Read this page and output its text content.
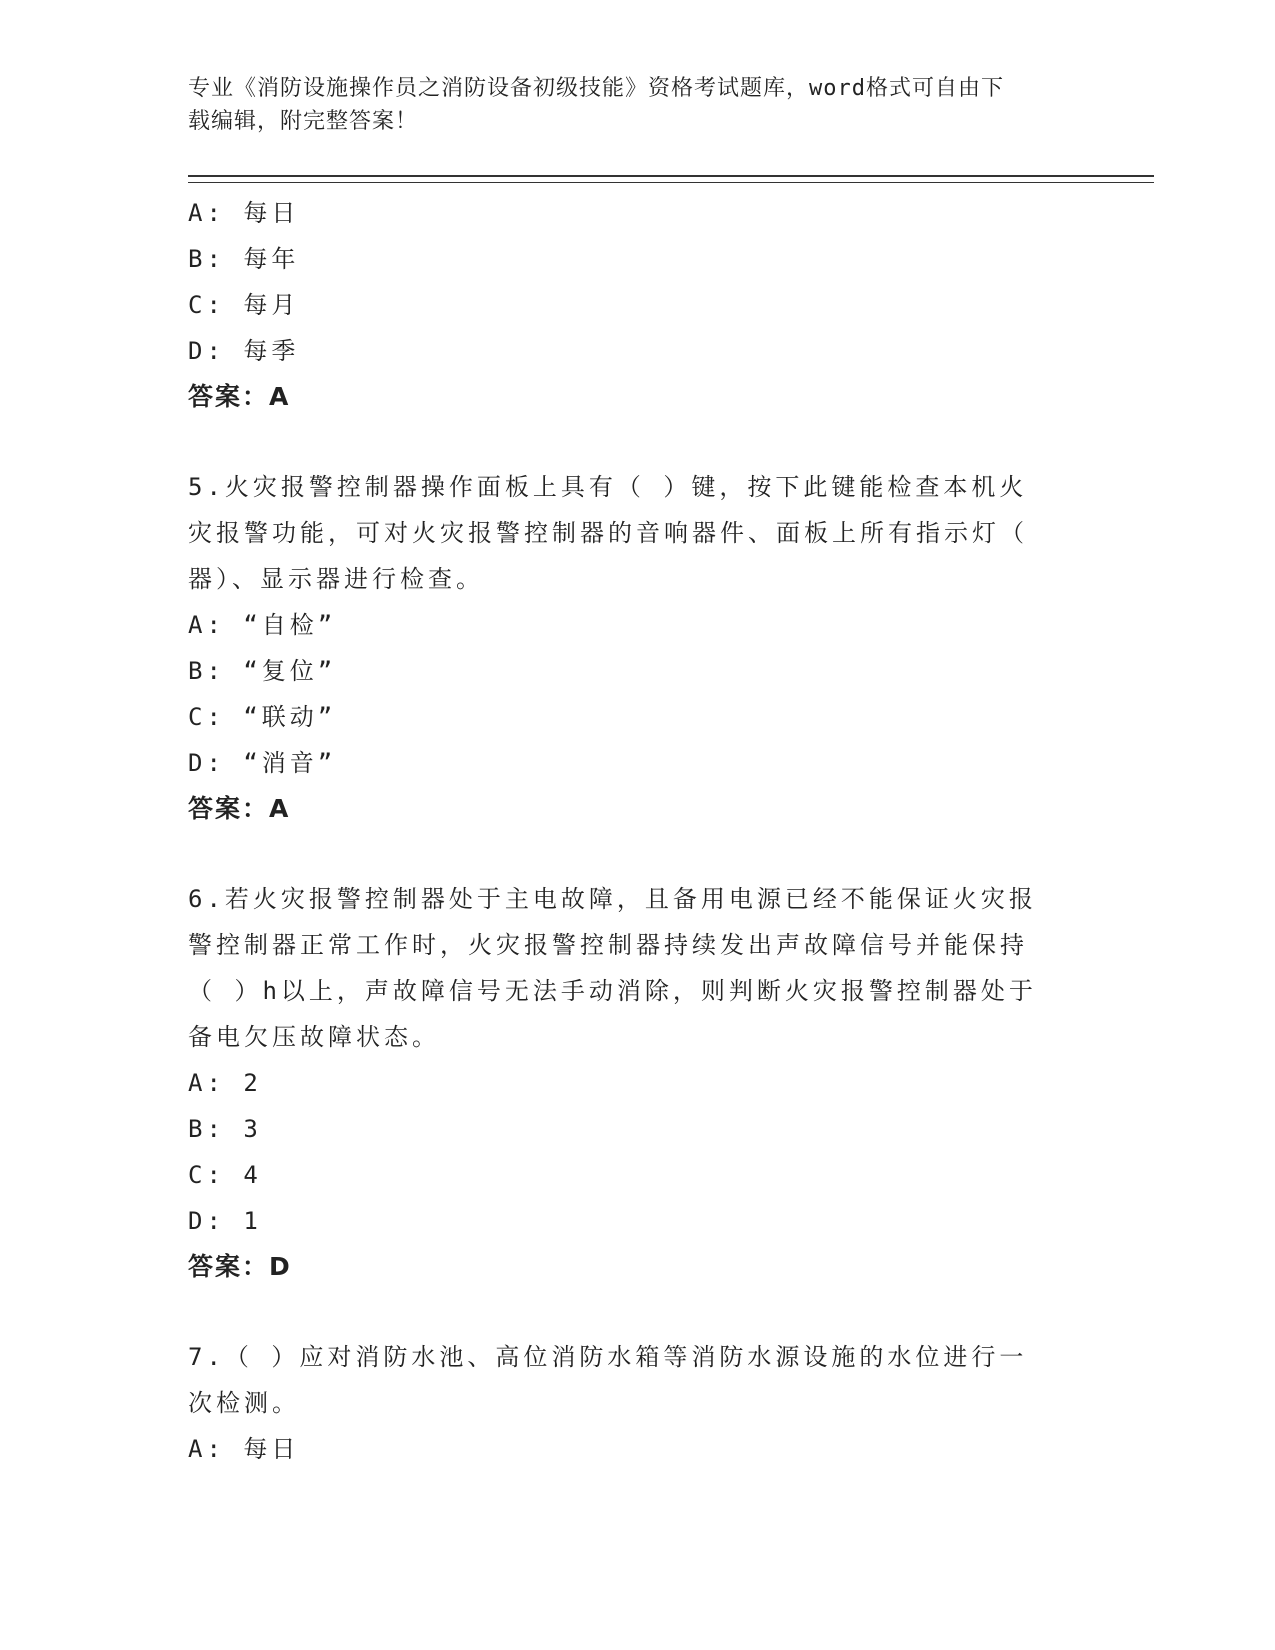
专业《消防设施操作员之消防设备初级技能》资格考试题库，word格式可自由下
载编辑，附完整答案！
A: 每日
B: 每年
C: 每月
D: 每季
答案：A
5.火灾报警控制器操作面板上具有（ ）键，按下此键能检查本机火
灾报警功能，可对火灾报警控制器的音响器件、面板上所有指示灯（
器）、显示器进行检查。
A: “自检”
B: “复位”
C: “联动”
D: “消音”
答案：A
6.若火灾报警控制器处于主电故障，且备用电源已经不能保证火灾报
警控制器正常工作时，火灾报警控制器持续发出声故障信号并能保持
（ ）h以上，声故障信号无法手动消除，则判断火灾报警控制器处于
备电欠压故障状态。
A: 2
B: 3
C: 4
D: 1
答案：D
7.（ ）应对消防水池、高位消防水箱等消防水源设施的水位进行一
次检测。
A: 每日
